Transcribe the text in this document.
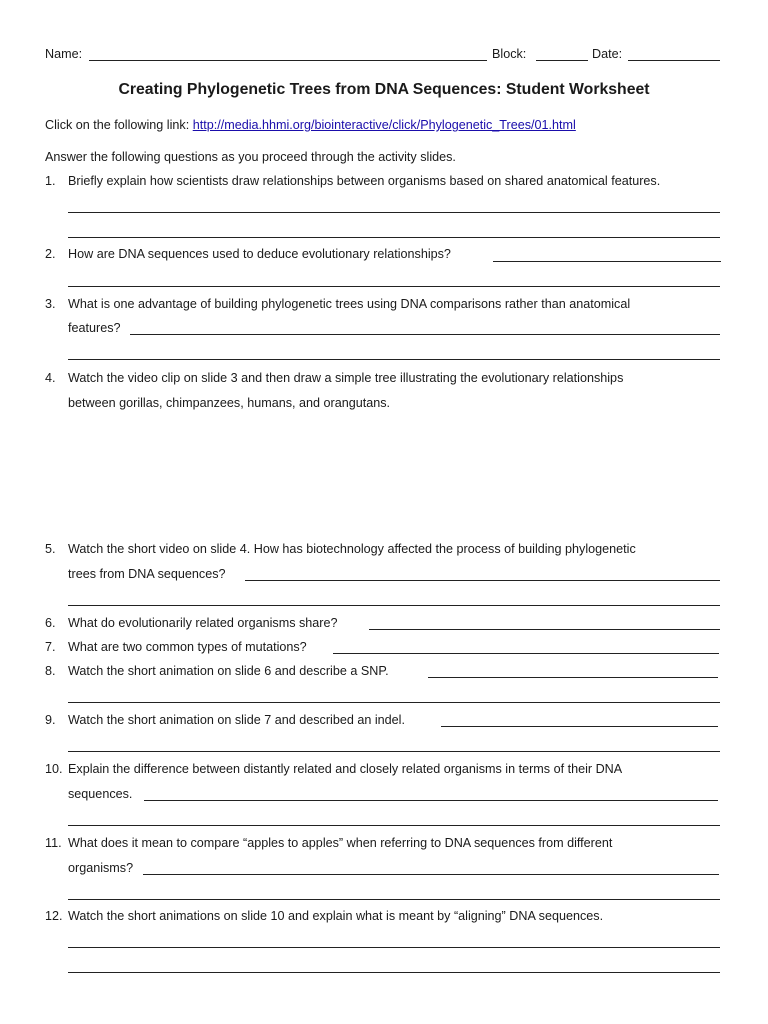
Name:	Block:	Date:
Creating Phylogenetic Trees from DNA Sequences: Student Worksheet
Click on the following link: http://media.hhmi.org/biointeractive/click/Phylogenetic_Trees/01.html
Answer the following questions as you proceed through the activity slides.
1. Briefly explain how scientists draw relationships between organisms based on shared anatomical features.
2. How are DNA sequences used to deduce evolutionary relationships?
3. What is one advantage of building phylogenetic trees using DNA comparisons rather than anatomical
features?
4. Watch the video clip on slide 3 and then draw a simple tree illustrating the evolutionary relationships
between gorillas, chimpanzees, humans, and orangutans.
5. Watch the short video on slide 4. How has biotechnology affected the process of building phylogenetic
trees from DNA sequences?
6. What do evolutionarily related organisms share?
7. What are two common types of mutations?
8. Watch the short animation on slide 6 and describe a SNP.
9. Watch the short animation on slide 7 and described an indel.
10. Explain the difference between distantly related and closely related organisms in terms of their DNA
sequences.
11. What does it mean to compare “apples to apples” when referring to DNA sequences from different
organisms?
12. Watch the short animations on slide 10 and explain what is meant by “aligning” DNA sequences.
